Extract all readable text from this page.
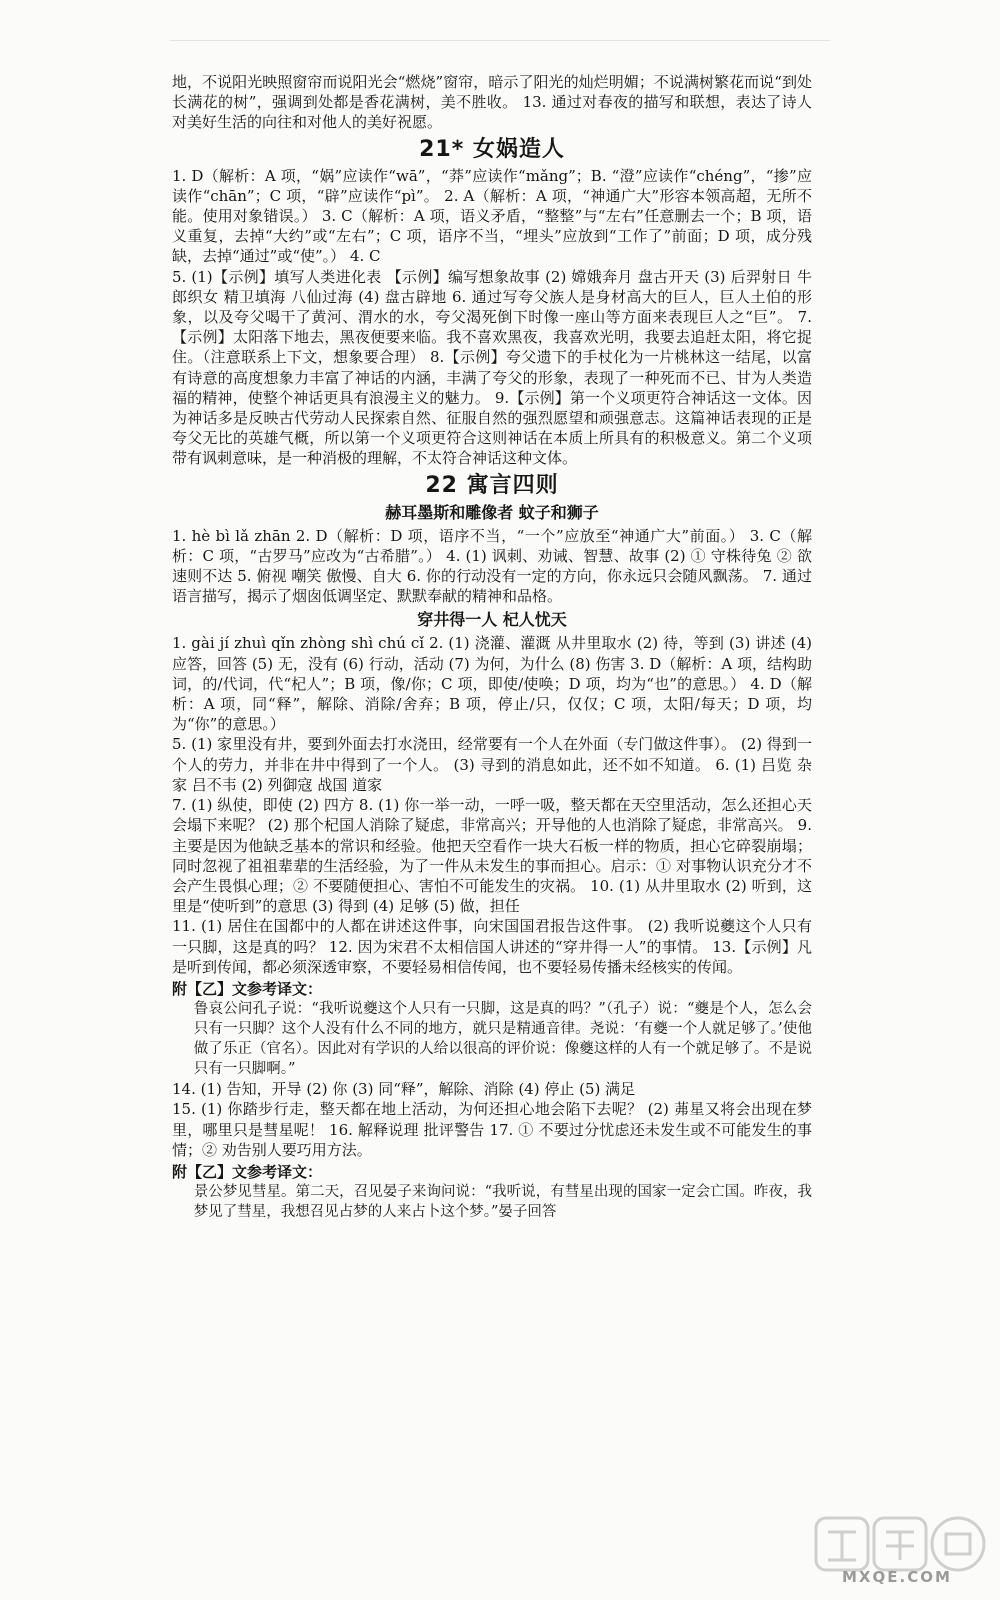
地，不说阳光映照窗帘而说阳光会“燃烧”窗帘，暗示了阳光的灿烂明媚；不说满树繁花而说“到处长满花的树”，强调到处都是香花满树，美不胜收。 13. 通过对春夜的描写和联想，表达了诗人对美好生活的向往和对他人的美好祝愿。

21* 女娲造人

1. D（解析：A 项，“娲”应读作“wā”，“莽”应读作“mǎng”；B. “澄”应读作“chéng”，“掺”应读作“chān”；C 项，“辟”应读作“pì”。 2. A（解析：A 项，“神通广大”形容本领高超，无所不能。使用对象错误。） 3. C（解析：A 项，语义矛盾，“整整”与“左右”任意删去一个；B 项，语义重复，去掉“大约”或“左右”；C 项，语序不当，“埋头”应放到“工作了”前面；D 项，成分残缺，去掉“通过”或“使”。） 4. C

5. (1)【示例】填写人类进化表 【示例】编写想象故事 (2) 嫦娥奔月 盘古开天 (3) 后羿射日 牛郎织女 精卫填海 八仙过海 (4) 盘古辟地 6. 通过写夸父族人是身材高大的巨人，巨人土伯的形象，以及夸父喝干了黄河、渭水的水，夸父渴死倒下时像一座山等方面来表现巨人之“巨”。 7.【示例】太阳落下地去，黑夜便要来临。我不喜欢黑夜，我喜欢光明，我要去追赶太阳，将它捉住。（注意联系上下文，想象要合理） 8.【示例】夸父遗下的手杖化为一片桃林这一结尾，以富有诗意的高度想象力丰富了神话的内涵，丰满了夸父的形象，表现了一种死而不已、甘为人类造福的精神，使整个神话更具有浪漫主义的魅力。 9.【示例】第一个义项更符合神话这一文体。因为神话多是反映古代劳动人民探索自然、征服自然的强烈愿望和顽强意志。这篇神话表现的正是夸父无比的英雄气概，所以第一个义项更符合这则神话在本质上所具有的积极意义。第二个义项带有讽刺意味，是一种消极的理解，不太符合神话这种文体。

22 寓言四则
赫耳墨斯和雕像者 蚊子和狮子

1. hè bì lǎ zhān 2. D（解析：D 项，语序不当，“一个”应放至“神通广大”前面。） 3. C（解析：C 项，“古罗马”应改为“古希腊”。） 4. (1) 讽刺、劝诫、智慧、故事 (2) ① 守株待兔 ② 欲速则不达 5. 俯视 嘲笑 傲慢、自大 6. 你的行动没有一定的方向，你永远只会随风飘荡。 7. 通过语言描写，揭示了烟囱低调坚定、默默奉献的精神和品格。

穿井得一人 杞人忧天

1. gài jí zhuì qǐn zhòng shì chú cǐ 2. (1) 浇灌、灌溉 从井里取水 (2) 待，等到 (3) 讲述 (4) 应答，回答 (5) 无，没有 (6) 行动，活动 (7) 为何，为什么 (8) 伤害 3. D（解析：A 项，结构助词，的/代词，代“杞人”；B 项，像/你；C 项，即使/使唤；D 项，均为“也”的意思。） 4. D（解析：A 项，同“释”，解除、消除/舍弃；B 项，停止/只，仅仅；C 项，太阳/每天；D 项，均为“你”的意思。）

5. (1) 家里没有井，要到外面去打水浇田，经常要有一个人在外面（专门做这件事）。 (2) 得到一个人的劳力，并非在井中得到了一个人。 (3) 寻到的消息如此，还不如不知道。 6. (1) 吕览 杂家 吕不韦 (2) 列御寇 战国 道家

7. (1) 纵使，即使 (2) 四方 8. (1) 你一举一动，一呼一吸，整天都在天空里活动，怎么还担心天会塌下来呢？ (2) 那个杞国人消除了疑虑，非常高兴；开导他的人也消除了疑虑，非常高兴。 9. 主要是因为他缺乏基本的常识和经验。他把天空看作一块大石板一样的物质，担心它碎裂崩塌；同时忽视了祖祖辈辈的生活经验，为了一件从未发生的事而担心。启示：① 对事物认识充分才不会产生畏惧心理；② 不要随便担心、害怕不可能发生的灾祸。 10. (1) 从井里取水 (2) 听到，这里是“使听到”的意思 (3) 得到 (4) 足够 (5) 做，担任

11. (1) 居住在国都中的人都在讲述这件事，向宋国国君报告这件事。 (2) 我听说夔这个人只有一只脚，这是真的吗？ 12. 因为宋君不太相信国人讲述的“穿井得一人”的事情。 13.【示例】凡是听到传闻，都必须深透审察，不要轻易相信传闻，也不要轻易传播未经核实的传闻。

附【乙】文参考译文：

鲁哀公问孔子说：“我听说夔这个人只有一只脚，这是真的吗？”（孔子）说：“夔是个人，怎么会只有一只脚？这个人没有什么不同的地方，就只是精通音律。尧说：‘有夔一个人就足够了。’使他做了乐正（官名）。因此对有学识的人给以很高的评价说：像夔这样的人有一个就足够了。不是说只有一只脚啊。”

14. (1) 告知，开导 (2) 你 (3) 同“释”，解除、消除 (4) 停止 (5) 满足

15. (1) 你踏步行走，整天都在地上活动，为何还担心地会陷下去呢？ (2) 茀星又将会出现在梦里，哪里只是彗星呢！ 16. 解释说理 批评警告 17. ① 不要过分忧虑还未发生或不可能发生的事情；② 劝告别人要巧用方法。

附【乙】文参考译文：

景公梦见彗星。第二天，召见晏子来询问说：“我听说，有彗星出现的国家一定会亡国。昨夜，我梦见了彗星，我想召见占梦的人来占卜这个梦。”晏子回答

MXQE.COM
